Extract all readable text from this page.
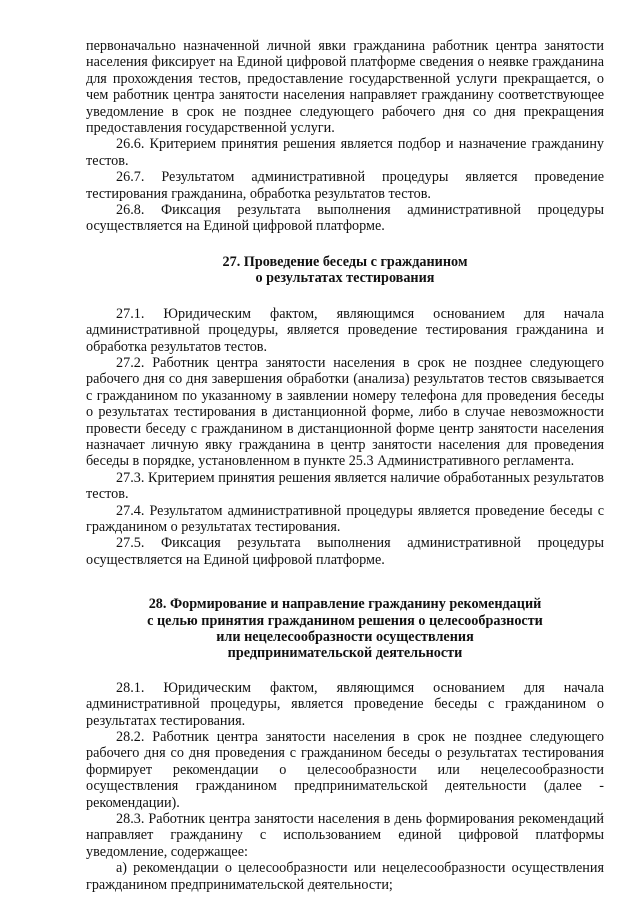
первоначально назначенной личной явки гражданина работник центра занятости населения фиксирует на Единой цифровой платформе сведения о неявке гражданина для прохождения тестов, предоставление государственной услуги прекращается, о чем работник центра занятости населения направляет гражданину соответствующее уведомление в срок не позднее следующего рабочего дня со дня прекращения предоставления государственной услуги.

26.6. Критерием принятия решения является подбор и назначение гражданину тестов.

26.7. Результатом административной процедуры является проведение тестирования гражданина, обработка результатов тестов.

26.8. Фиксация результата выполнения административной процедуры осуществляется на Единой цифровой платформе.

27. Проведение беседы с гражданином
о результатах тестирования

27.1. Юридическим фактом, являющимся основанием для начала административной процедуры, является проведение тестирования гражданина и обработка результатов тестов.

27.2. Работник центра занятости населения в срок не позднее следующего рабочего дня со дня завершения обработки (анализа) результатов тестов связывается с гражданином по указанному в заявлении номеру телефона для проведения беседы о результатах тестирования в дистанционной форме, либо в случае невозможности провести беседу с гражданином в дистанционной форме центр занятости населения назначает личную явку гражданина в центр занятости населения для проведения беседы в порядке, установленном в пункте 25.3 Административного регламента.

27.3. Критерием принятия решения является наличие обработанных результатов тестов.

27.4. Результатом административной процедуры является проведение беседы с гражданином о результатах тестирования.

27.5. Фиксация результата выполнения административной процедуры осуществляется на Единой цифровой платформе.

28. Формирование и направление гражданину рекомендаций
с целью принятия гражданином решения о целесообразности
или нецелесообразности осуществления
предпринимательской деятельности

28.1. Юридическим фактом, являющимся основанием для начала административной процедуры, является проведение беседы с гражданином о результатах тестирования.

28.2. Работник центра занятости населения в срок не позднее следующего рабочего дня со дня проведения с гражданином беседы о результатах тестирования формирует рекомендации о целесообразности или нецелесообразности осуществления гражданином предпринимательской деятельности (далее - рекомендации).

28.3. Работник центра занятости населения в день формирования рекомендаций направляет гражданину с использованием единой цифровой платформы уведомление, содержащее:

а) рекомендации о целесообразности или нецелесообразности осуществления гражданином предпринимательской деятельности;
